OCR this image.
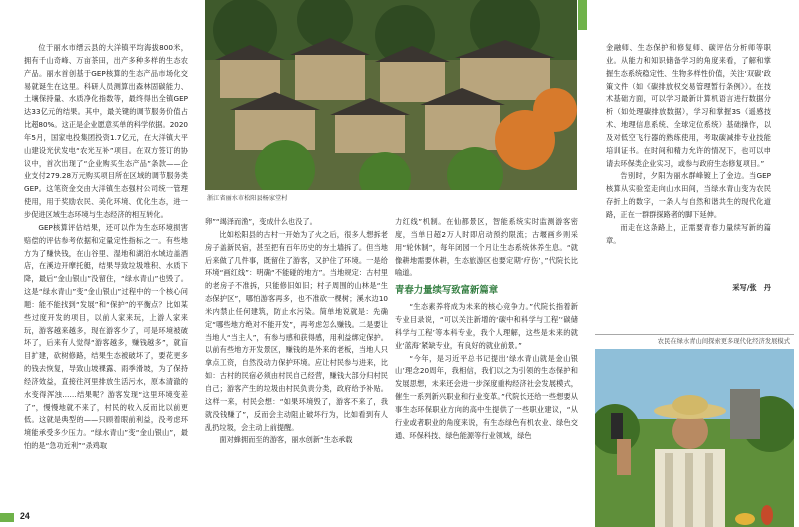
浙江省丽水市松阳县杨家堂村

位于丽水市缙云县的大洋镇平均海拔800米，拥有千山奇峰、万亩茶田，出产多种多样的生态农产品。丽水首创基于GEP核算的生态产品市场化交易就诞生在这里。科研人员测算出森林固碳能力、土壤保持量、水质净化指数等，最终得出全镇GEP达33亿元的结果。其中，最关键的调节服务价值占比超80%。这正是企业愿意买单的科学依据。2020年5月，国家电投集团投资1.7亿元，在大洋镇大平山建设光伏发电“农光互补”项目。在双方签订的协议中，首次出现了“企业购买生态产品”条款——企业支付279.28万元购买项目所在区域的调节服务类GEP。这笔资金交由大洋镇生态强村公司统一管理使用，用于奖励农民、美化环境、优化生态，进一步促进区域生态环境与生态经济的相互转化。

GEP核算评估结果，还可以作为生态环境损害赔偿的评估参考依据和定量定性指标之一。有些地方为了赚快钱，在山谷里、湿地和湖泊水域边盖酒店，在溪边开摩托艇，结果导致垃圾堆积、水质下降，最后“金山银山”没留住，“绿水青山”也毁了。这是“绿水青山”变“金山银山”过程中的一个核心问题：能不能找到“发展”和“保护”的平衡点？比如某些过度开发的项目，以前人家来玩，上游人家来玩，游客越来越多，现在游客少了，可是环境被破坏了，后来有人觉得“游客越多，赚钱越多”，就盲目扩建，砍树修路，结果生态被破坏了，要花更多的钱去恢复，导致山坡裸露、雨季滑坡，为了保持经济效益，直接往河里排放生活污水，原本清澈的水变得浑浊……结果呢？游客发现“这里环境变差了”，慢慢地就不来了，村民的收入反而比以前更低。这就是典型的——只顾着眼前利益，没考虑环境能承受多少压力。“绿水青山”变“金山银山”，最怕的是“急功近利”“杀鸡取

卵”“竭泽而渔”，变成什么也没了。

比如松阳县的古村一开始为了火之后，很多人想拆老房子盖新民宿，甚至把有百年历史的夯土墙拆了。但当地后来做了几件事，既留住了游客，又护住了环境。一是给环境“画红线”：明确“不能碰的地方”。当地规定：古村里的老房子不准拆，只能修旧如旧；村子周围的山林是“生态保护区”，哪怕游客再多，也不准砍一棵树；溪水边10米内禁止任何建筑，防止水污染。简单地说就是：先确定“哪些地方绝对不能开发”，再考虑怎么赚钱。二是要让当地人“当主人”，有参与感和获得感，用利益绑定保护。以前有些地方开发景区，赚钱的是外来的老板，当地人只拿点工资，自然没动力保护环境。应让村民参与进来，比如：古村的民宿必须由村民自己经营，赚钱大部分归村民自己；游客产生的垃圾由村民负责分类，政府给予补贴。这样一来，村民会想：“如果环境毁了，游客不来了，我就没钱赚了”，反而会主动阻止破坏行为，比如看到有人乱扔垃圾，会主动上前提醒。

面对蜂拥而至的游客，丽水创新“生态承载

力红线”机制。在仙都景区，智能系统实时监测游客密度，当单日超2万人时即启动预约限流；古堰画乡则采用“轮休制”，每年闭园一个月让生态系统休养生息。“就像耕地需要休耕，生态旅游区也要定期‘疗伤’，”代院长比喻道。

青春力量续写致富新篇章

“生态素养将成为未来的核心竞争力。”代院长指着新专业目录说，“可以关注新增的‘碳中和科学与工程’‘碳储科学与工程’等本科专业，我个人理解，这些是未来的就业‘蓝海’紧缺专业，有良好的就业前景。”

“今年，是习近平总书记提出‘绿水青山就是金山银山’理念20周年，我相信，我们以之为引领的生态保护和发展思想，未来还会进一步深度重构经济社会发展模式，催生一系列新兴职业和行业变革。”代院长还给一些想要从事生态环保职业方向的高中生提供了一些职业建议，“从行业或者职业的角度来说，有生态绿色有机农业、绿色交通、环保科技、绿色能源等行业领域，绿色

金融师、生态保护和修复师、碳评估分析师等职业。从能力和知识储备学习的角度来看，了解和掌握生态系统稳定性、生物多样性价值，关注‘双碳’政策文件（如《碳排放权交易管理暂行条例》）。在技术基础方面，可以学习最新计算机语言进行数据分析（如处理碳排放数据），学习和掌握3S（遥感技术、地理信息系统、全球定位系统）基础操作，以及对低空飞行器的熟练使用，考取碳减排专业技能培训证书。在时间和精力允许的情况下，也可以申请去环保类企业实习，或参与政府生态修复项目。”

告别时，夕阳为丽水群峰镀上了金边。当GEP核算从实验室走向山水田间，当绿水青山变为农民存折上的数字，一条人与自然和谐共生的现代化道路，正在一群群探路者的脚下延伸。

而走在这条路上，正需要青春力量续写新的篇章。

采写/张　丹
农民在绿水青山间探索更多现代化经济发展模式
24
